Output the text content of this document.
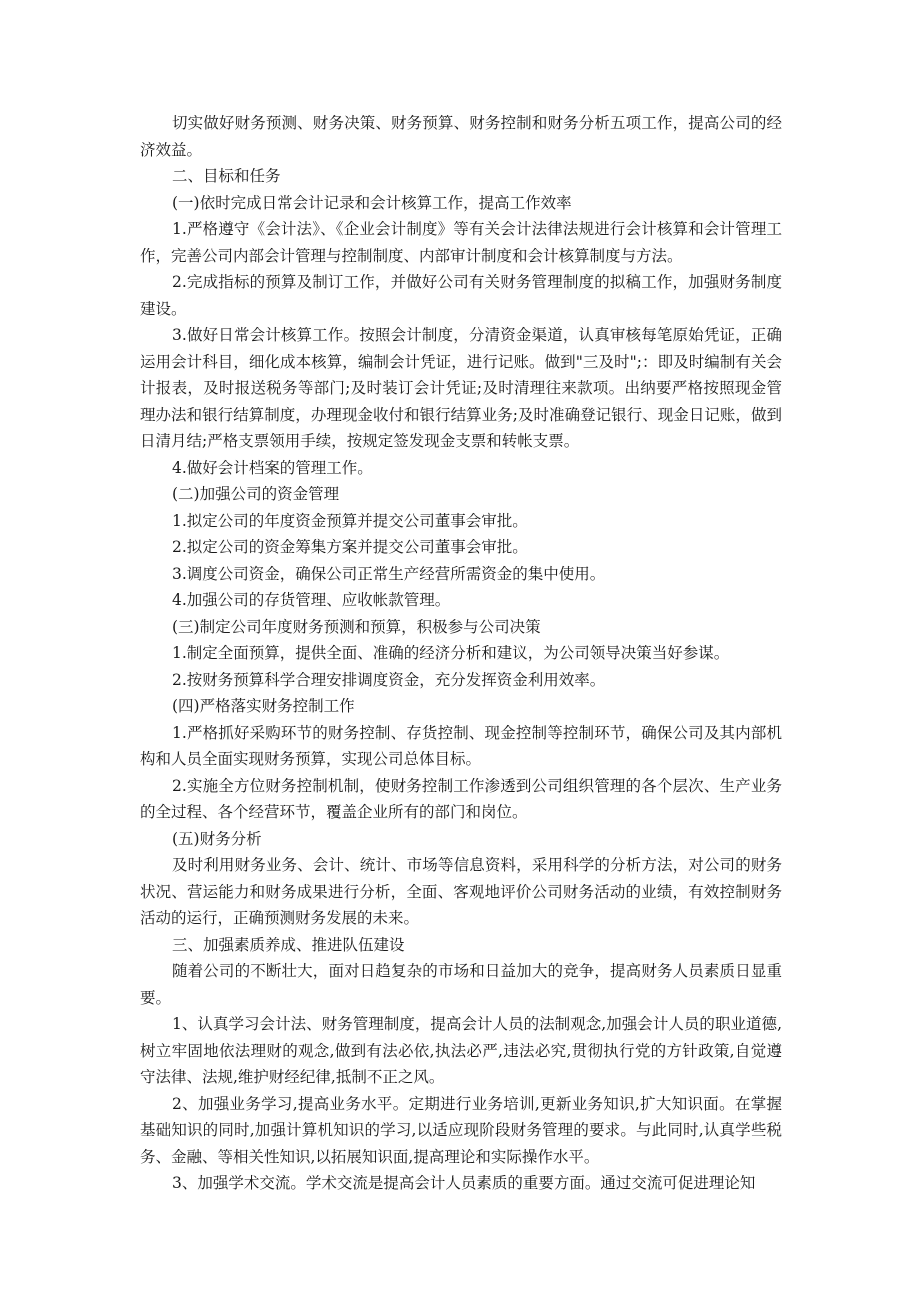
切实做好财务预测、财务决策、财务预算、财务控制和财务分析五项工作，提高公司的经济效益。

二、目标和任务

(一)依时完成日常会计记录和会计核算工作，提高工作效率

1.严格遵守《会计法》、《企业会计制度》等有关会计法律法规进行会计核算和会计管理工作，完善公司内部会计管理与控制制度、内部审计制度和会计核算制度与方法。

2.完成指标的预算及制订工作，并做好公司有关财务管理制度的拟稿工作，加强财务制度建设。

3.做好日常会计核算工作。按照会计制度，分清资金渠道，认真审核每笔原始凭证，正确运用会计科目，细化成本核算，编制会计凭证，进行记账。做到"三及时";：即及时编制有关会计报表，及时报送税务等部门;及时装订会计凭证;及时清理往来款项。出纳要严格按照现金管理办法和银行结算制度，办理现金收付和银行结算业务;及时准确登记银行、现金日记账，做到日清月结;严格支票领用手续，按规定签发现金支票和转帐支票。

4.做好会计档案的管理工作。

(二)加强公司的资金管理

1.拟定公司的年度资金预算并提交公司董事会审批。

2.拟定公司的资金筹集方案并提交公司董事会审批。

3.调度公司资金，确保公司正常生产经营所需资金的集中使用。

4.加强公司的存货管理、应收帐款管理。

(三)制定公司年度财务预测和预算，积极参与公司决策

1.制定全面预算，提供全面、准确的经济分析和建议，为公司领导决策当好参谋。

2.按财务预算科学合理安排调度资金，充分发挥资金利用效率。

(四)严格落实财务控制工作

1.严格抓好采购环节的财务控制、存货控制、现金控制等控制环节，确保公司及其内部机构和人员全面实现财务预算，实现公司总体目标。

2.实施全方位财务控制机制，使财务控制工作渗透到公司组织管理的各个层次、生产业务的全过程、各个经营环节，覆盖企业所有的部门和岗位。

(五)财务分析

及时利用财务业务、会计、统计、市场等信息资料，采用科学的分析方法，对公司的财务状况、营运能力和财务成果进行分析，全面、客观地评价公司财务活动的业绩，有效控制财务活动的运行，正确预测财务发展的未来。

三、加强素质养成、推进队伍建设

随着公司的不断壮大，面对日趋复杂的市场和日益加大的竞争，提高财务人员素质日显重要。

1、认真学习会计法、财务管理制度，提高会计人员的法制观念,加强会计人员的职业道德,树立牢固地依法理财的观念,做到有法必依,执法必严,违法必究,贯彻执行党的方针政策,自觉遵守法律、法规,维护财经纪律,抵制不正之风。

2、加强业务学习,提高业务水平。定期进行业务培训,更新业务知识,扩大知识面。在掌握基础知识的同时,加强计算机知识的学习,以适应现阶段财务管理的要求。与此同时,认真学些税务、金融、等相关性知识,以拓展知识面,提高理论和实际操作水平。

3、加强学术交流。学术交流是提高会计人员素质的重要方面。通过交流可促进理论知
